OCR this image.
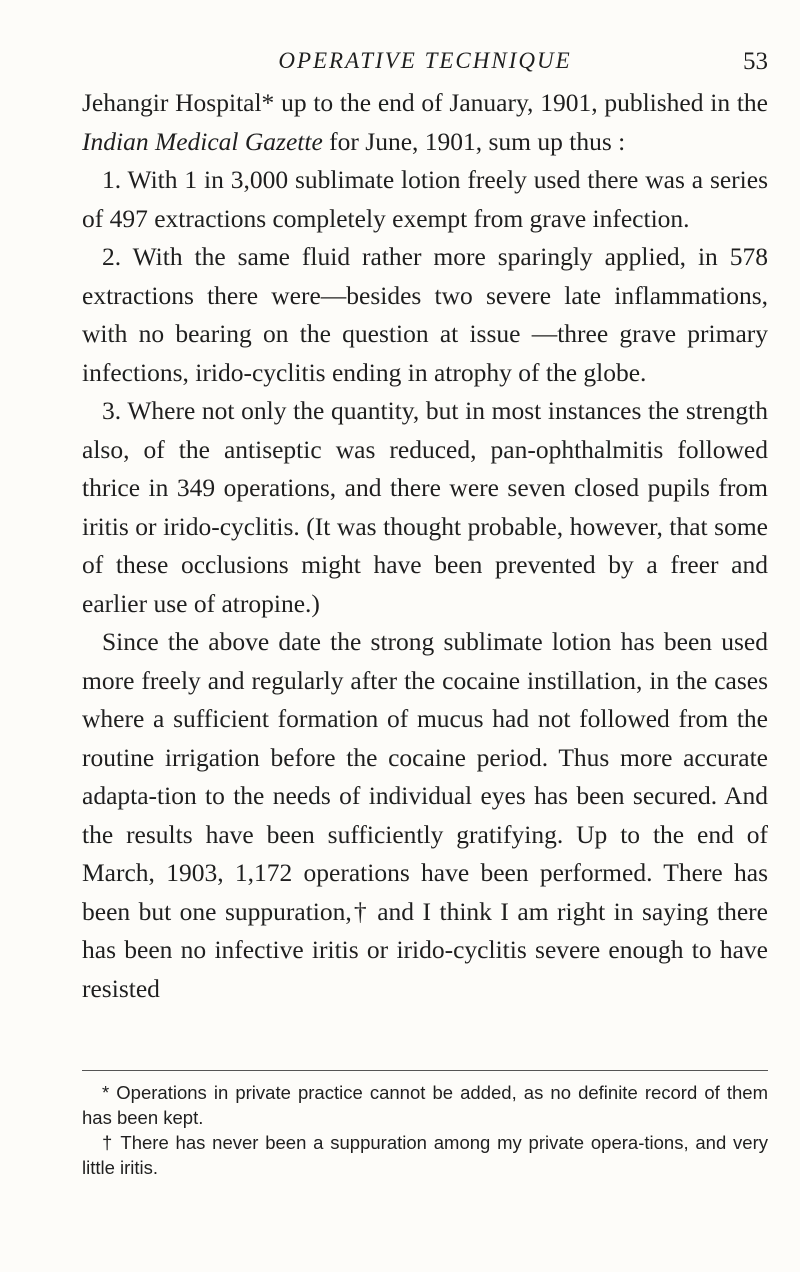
OPERATIVE TECHNIQUE	53

Jehangir Hospital* up to the end of January, 1901, published in the Indian Medical Gazette for June, 1901, sum up thus :

1. With 1 in 3,000 sublimate lotion freely used there was a series of 497 extractions completely exempt from grave infection.

2. With the same fluid rather more sparingly applied, in 578 extractions there were—besides two severe late inflammations, with no bearing on the question at issue —three grave primary infections, irido-cyclitis ending in atrophy of the globe.

3. Where not only the quantity, but in most instances the strength also, of the antiseptic was reduced, pan-ophthalmitis followed thrice in 349 operations, and there were seven closed pupils from iritis or irido-cyclitis. (It was thought probable, however, that some of these occlusions might have been prevented by a freer and earlier use of atropine.)

Since the above date the strong sublimate lotion has been used more freely and regularly after the cocaine instillation, in the cases where a sufficient formation of mucus had not followed from the routine irrigation before the cocaine period. Thus more accurate adapta-tion to the needs of individual eyes has been secured. And the results have been sufficiently gratifying. Up to the end of March, 1903, 1,172 operations have been performed. There has been but one suppuration,† and I think I am right in saying there has been no infective iritis or irido-cyclitis severe enough to have resisted

* Operations in private practice cannot be added, as no definite record of them has been kept.

† There has never been a suppuration among my private opera-tions, and very little iritis.
